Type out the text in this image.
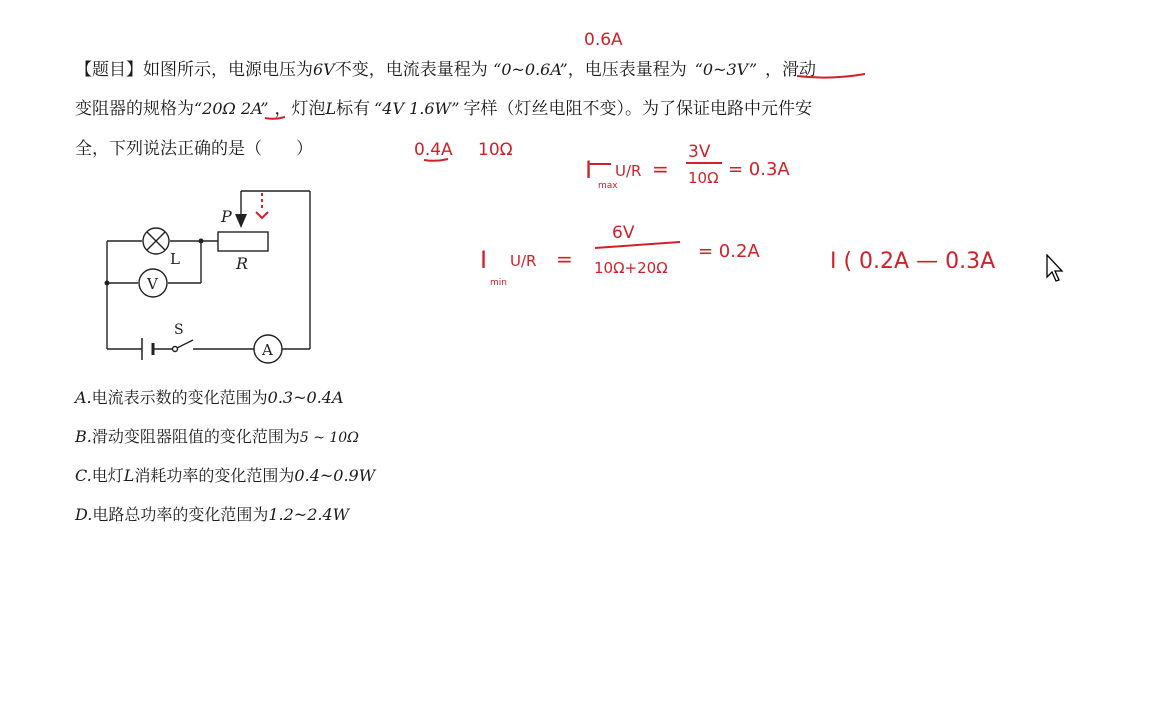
【题目】如图所示，电源电压为6V不变，电流表量程为 “0~0.6A”，电压表量程为 “0~3V” ，滑动
变阻器的规格为“20Ω 2A” ，灯泡L标有 “4V 1.6W” 字样（灯丝电阻不变）。为了保证电路中元件安
全，下列说法正确的是（　　）
A.电流表示数的变化范围为0.3~0.4A
B.滑动变阻器阻值的变化范围为5 ~ 10Ω
C.电灯L消耗功率的变化范围为0.4~0.9W
D.电路总功率的变化范围为1.2~2.4W
P
L	R
S
V
A
0.6A
0.4A 10Ω
I
max
U/R =
3V
10Ω = 0.3A
I
min
U/R =
6V
10Ω+20Ω
= 0.2A	I ( 0.2A — 0.3A
